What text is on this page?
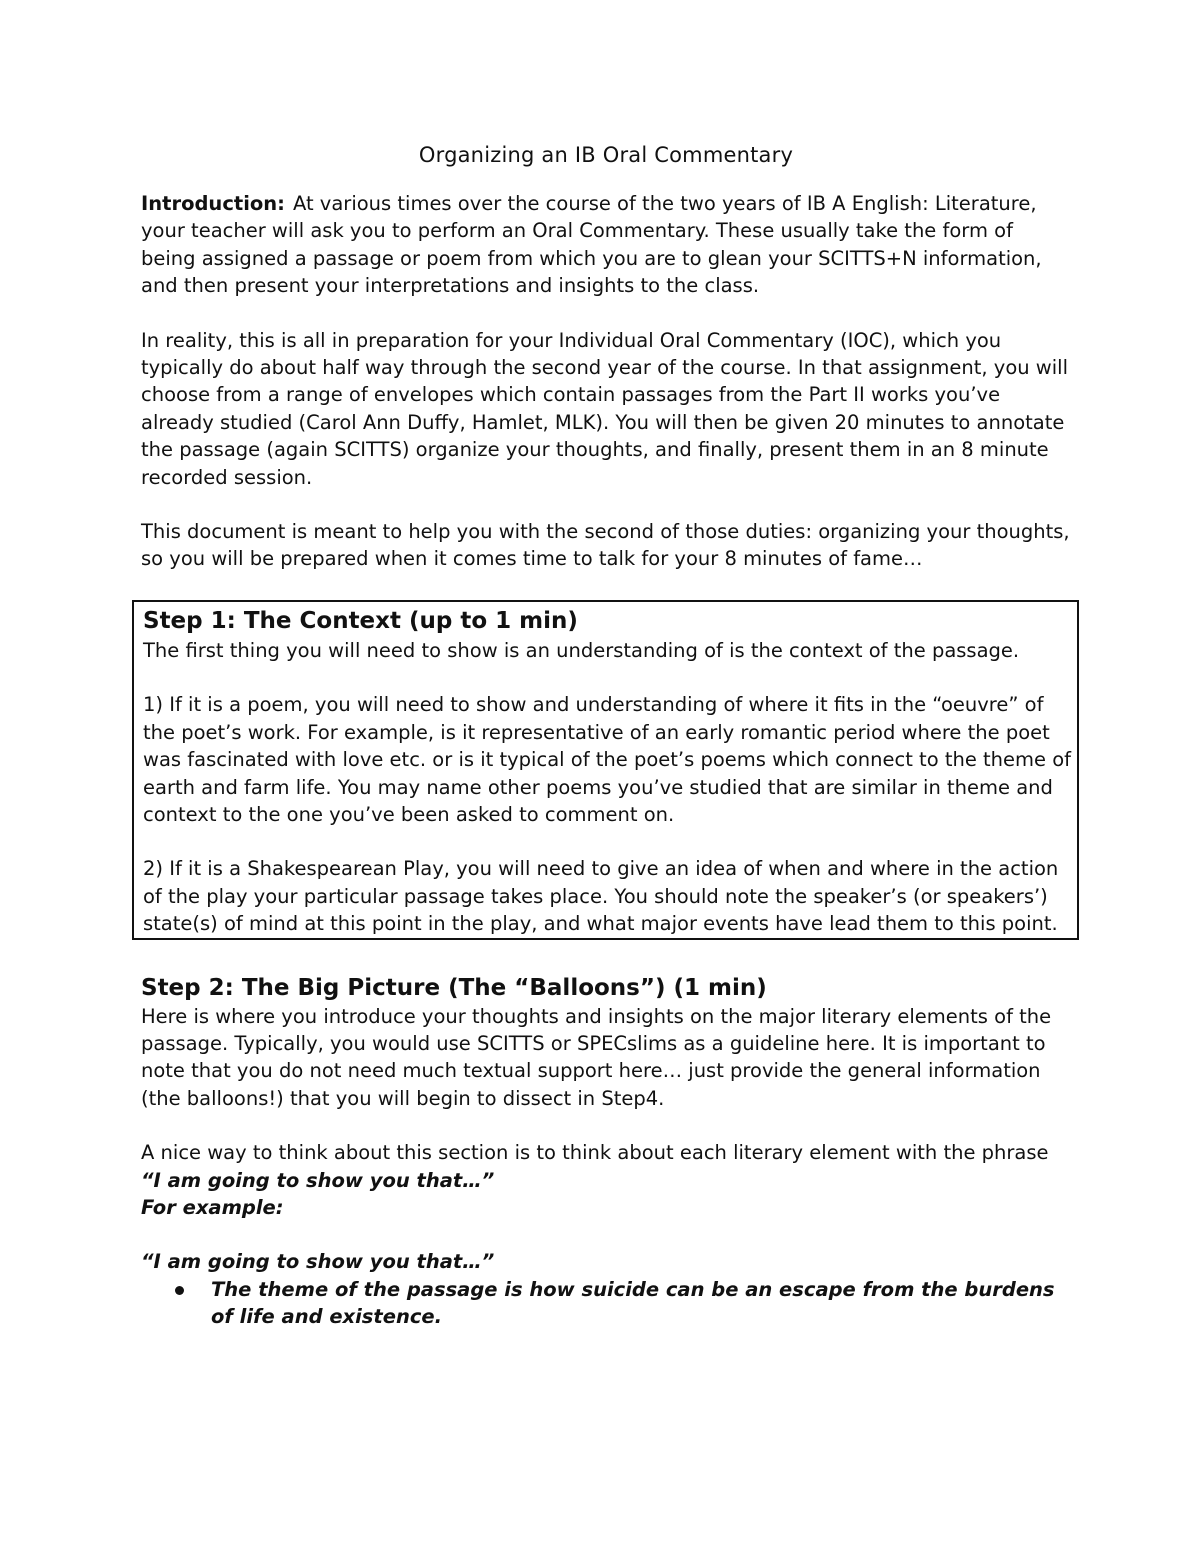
Organizing an IB Oral Commentary

Introduction: At various times over the course of the two years of IB A English: Literature, your teacher will ask you to perform an Oral Commentary. These usually take the form of being assigned a passage or poem from which you are to glean your SCITTS+N information, and then present your interpretations and insights to the class.

In reality, this is all in preparation for your Individual Oral Commentary (IOC), which you typically do about half way through the second year of the course. In that assignment, you will choose from a range of envelopes which contain passages from the Part II works you’ve already studied (Carol Ann Duffy, Hamlet, MLK). You will then be given 20 minutes to annotate the passage (again SCITTS) organize your thoughts, and finally, present them in an 8 minute recorded session.

This document is meant to help you with the second of those duties: organizing your thoughts, so you will be prepared when it comes time to talk for your 8 minutes of fame…

Step 1: The Context (up to 1 min)

The first thing you will need to show is an understanding of is the context of the passage.

1) If it is a poem, you will need to show and understanding of where it fits in the “oeuvre” of the poet’s work. For example, is it representative of an early romantic period where the poet was fascinated with love etc. or is it typical of the poet’s poems which connect to the theme of earth and farm life. You may name other poems you’ve studied that are similar in theme and context to the one you’ve been asked to comment on.

2) If it is a Shakespearean Play, you will need to give an idea of when and where in the action of the play your particular passage takes place. You should note the speaker’s (or speakers’) state(s) of mind at this point in the play, and what major events have lead them to this point.

Step 2: The Big Picture (The “Balloons”) (1 min)

Here is where you introduce your thoughts and insights on the major literary elements of the passage. Typically, you would use SCITTS or SPECslims as a guideline here. It is important to note that you do not need much textual support here… just provide the general information (the balloons!) that you will begin to dissect in Step4.

A nice way to think about this section is to think about each literary element with the phrase
“I am going to show you that…”
For example:
“I am going to show you that…”
The theme of the passage is how suicide can be an escape from the burdens of life and existence.
